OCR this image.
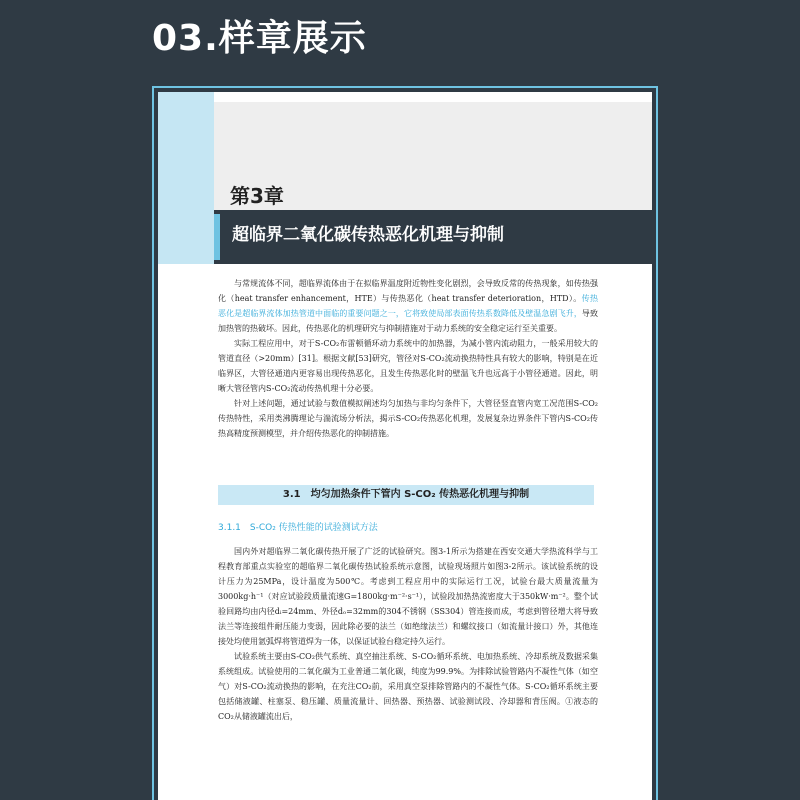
03.样章展示
第3章
超临界二氧化碳传热恶化机理与抑制

与常规流体不同，超临界流体由于在拟临界温度附近物性变化剧烈，会导致反常的传热现象，如传热强化（heat transfer enhancement，HTE）与传热恶化（heat transfer deterioration，HTD）。传热恶化是超临界流体加热管道中面临的重要问题之一，它将致使局部表面传热系数降低及壁温急剧飞升，导致加热管的热破坏。因此，传热恶化的机理研究与抑制措施对于动力系统的安全稳定运行至关重要。

实际工程应用中，对于S-CO₂布雷顿循环动力系统中的加热器，为减小管内流动阻力，一般采用较大的管道直径（>20mm）[31]。根据文献[53]研究，管径对S-CO₂流动换热特性具有较大的影响，特别是在近临界区，大管径通道内更容易出现传热恶化，且发生传热恶化时的壁温飞升也远高于小管径通道。因此，明晰大管径管内S-CO₂流动传热机理十分必要。

针对上述问题，通过试验与数值模拟阐述均匀加热与非均匀条件下，大管径竖直管内宽工况范围S-CO₂传热特性，采用类沸腾理论与湍流场分析法，揭示S-CO₂传热恶化机理，发展复杂边界条件下管内S-CO₂传热高精度预测模型，并介绍传热恶化的抑制措施。

3.1　均匀加热条件下管内 S-CO₂ 传热恶化机理与抑制
3.1.1　S-CO₂ 传热性能的试验测试方法

国内外对超临界二氧化碳传热开展了广泛的试验研究。图3-1所示为搭建在西安交通大学热流科学与工程教育部重点实验室的超临界二氧化碳传热试验系统示意图，试验现场照片如图3-2所示。该试验系统的设计压力为25MPa，设计温度为500℃。考虑到工程应用中的实际运行工况，试验台最大质量流量为3000kg·h⁻¹（对应试验段质量流速G=1800kg·m⁻²·s⁻¹），试验段加热热流密度大于350kW·m⁻²。整个试验回路均由内径dᵢ=24mm、外径dₒ=32mm的304不锈钢（SS304）管连接而成，考虑到管径增大将导致法兰等连接组件耐压能力变弱，因此除必要的法兰（如绝缘法兰）和螺纹接口（如流量计接口）外，其他连接处均使用氩弧焊将管道焊为一体，以保证试验台稳定持久运行。

试验系统主要由S-CO₂供气系统、真空抽注系统、S-CO₂循环系统、电加热系统、冷却系统及数据采集系统组成。试验使用的二氧化碳为工业普通二氧化碳，纯度为99.9%。为排除试验管路内不凝性气体（如空气）对S-CO₂流动换热的影响，在充注CO₂前，采用真空泵排除管路内的不凝性气体。S-CO₂循环系统主要包括储液罐、柱塞泵、稳压罐、质量流量计、回热器、预热器、试验测试段、冷却器和背压阀。①液态的CO₂从储液罐流出后，
